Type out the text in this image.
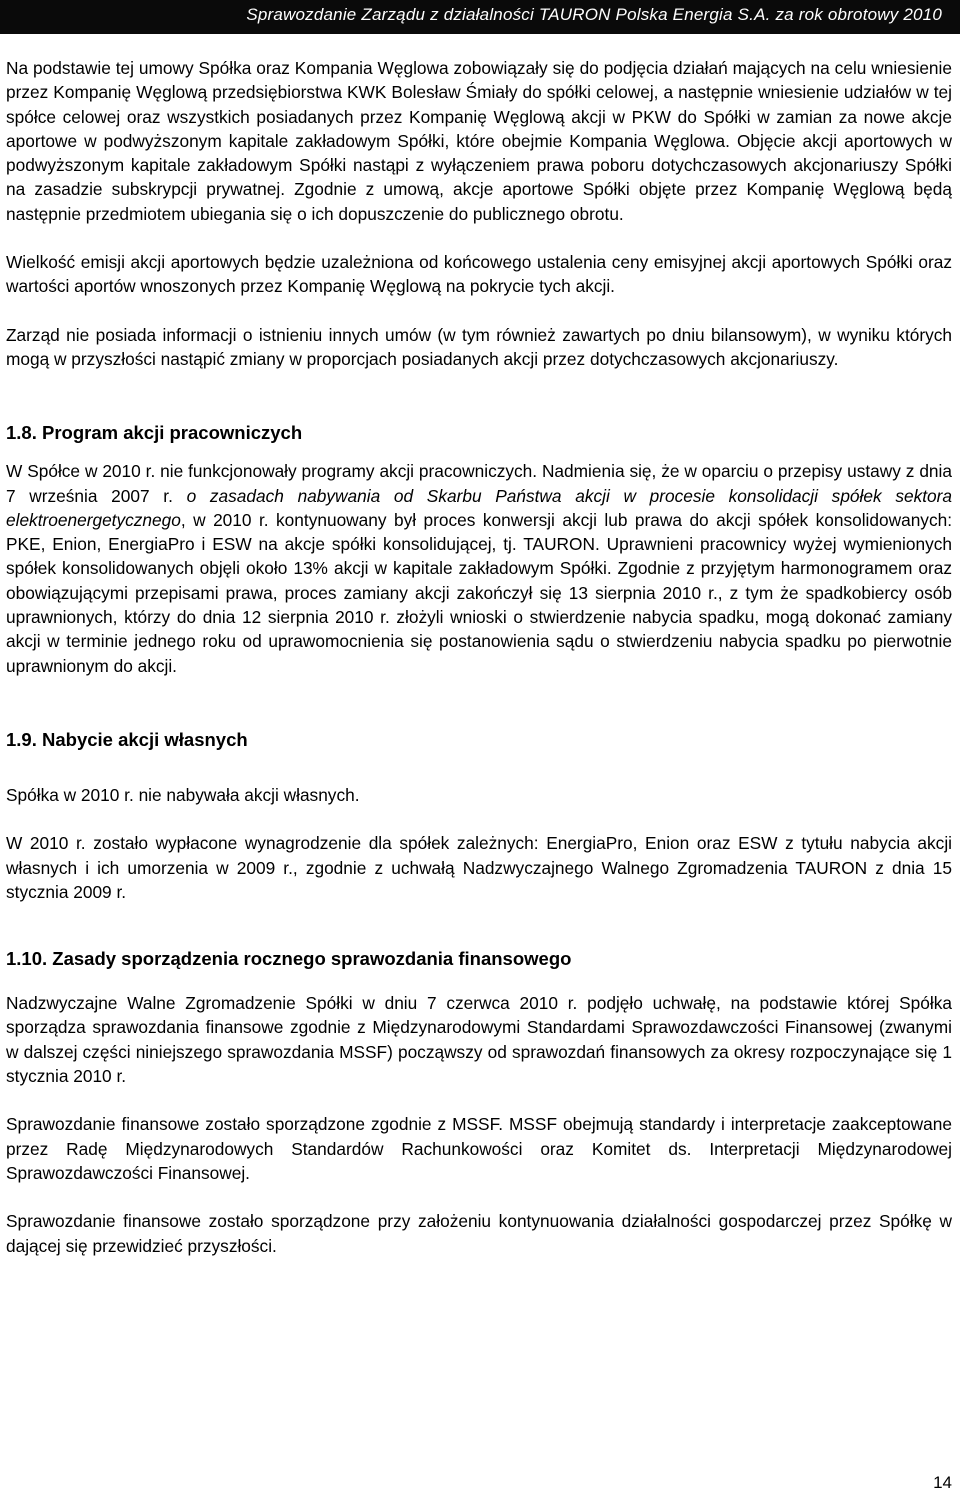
Sprawozdanie Zarządu z działalności TAURON Polska Energia S.A. za rok obrotowy 2010

Na podstawie tej umowy Spółka oraz Kompania Węglowa zobowiązały się do podjęcia działań mających na celu wniesienie przez Kompanię Węglową przedsiębiorstwa KWK Bolesław Śmiały do spółki celowej, a następnie wniesienie udziałów w tej spółce celowej oraz wszystkich posiadanych przez Kompanię Węglową akcji w PKW do Spółki w zamian za nowe akcje aportowe w podwyższonym kapitale zakładowym Spółki, które obejmie Kompania Węglowa. Objęcie akcji aportowych w podwyższonym kapitale zakładowym Spółki nastąpi z wyłączeniem prawa poboru dotychczasowych akcjonariuszy Spółki na zasadzie subskrypcji prywatnej. Zgodnie z umową, akcje aportowe Spółki objęte przez Kompanię Węglową będą następnie przedmiotem ubiegania się o ich dopuszczenie do publicznego obrotu.

Wielkość emisji akcji aportowych będzie uzależniona od końcowego ustalenia ceny emisyjnej akcji aportowych Spółki oraz wartości aportów wnoszonych przez Kompanię Węglową na pokrycie tych akcji.

Zarząd nie posiada informacji o istnieniu innych umów (w tym również zawartych po dniu bilansowym), w wyniku których mogą w przyszłości nastąpić zmiany w proporcjach posiadanych akcji przez dotychczasowych akcjonariuszy.

1.8. Program akcji pracowniczych

W Spółce w 2010 r. nie funkcjonowały programy akcji pracowniczych. Nadmienia się, że w oparciu o przepisy ustawy z dnia 7 września 2007 r. o zasadach nabywania od Skarbu Państwa akcji w procesie konsolidacji spółek sektora elektroenergetycznego, w 2010 r. kontynuowany był proces konwersji akcji lub prawa do akcji spółek konsolidowanych: PKE, Enion, EnergiaPro i ESW na akcje spółki konsolidującej, tj. TAURON. Uprawnieni pracownicy wyżej wymienionych spółek konsolidowanych objęli około 13% akcji w kapitale zakładowym Spółki. Zgodnie z przyjętym harmonogramem oraz obowiązującymi przepisami prawa, proces zamiany akcji zakończył się 13 sierpnia 2010 r., z tym że spadkobiercy osób uprawnionych, którzy do dnia 12 sierpnia 2010 r. złożyli wnioski o stwierdzenie nabycia spadku, mogą dokonać zamiany akcji w terminie jednego roku od uprawomocnienia się postanowienia sądu o stwierdzeniu nabycia spadku po pierwotnie uprawnionym do akcji.

1.9. Nabycie akcji własnych

Spółka w 2010 r. nie nabywała akcji własnych.

W 2010 r. zostało wypłacone wynagrodzenie dla spółek zależnych: EnergiaPro, Enion oraz ESW z tytułu nabycia akcji własnych i ich umorzenia w 2009 r., zgodnie z uchwałą Nadzwyczajnego Walnego Zgromadzenia TAURON z dnia 15 stycznia 2009 r.

1.10. Zasady sporządzenia rocznego sprawozdania finansowego

Nadzwyczajne Walne Zgromadzenie Spółki w dniu 7 czerwca 2010 r. podjęło uchwałę, na podstawie której Spółka sporządza sprawozdania finansowe zgodnie z Międzynarodowymi Standardami Sprawozdawczości Finansowej (zwanymi w dalszej części niniejszego sprawozdania MSSF) począwszy od sprawozdań finansowych za okresy rozpoczynające się 1 stycznia 2010 r.

Sprawozdanie finansowe zostało sporządzone zgodnie z MSSF. MSSF obejmują standardy i interpretacje zaakceptowane przez Radę Międzynarodowych Standardów Rachunkowości oraz Komitet ds. Interpretacji Międzynarodowej Sprawozdawczości Finansowej.

Sprawozdanie finansowe zostało sporządzone przy założeniu kontynuowania działalności gospodarczej przez Spółkę w dającej się przewidzieć przyszłości.

14
